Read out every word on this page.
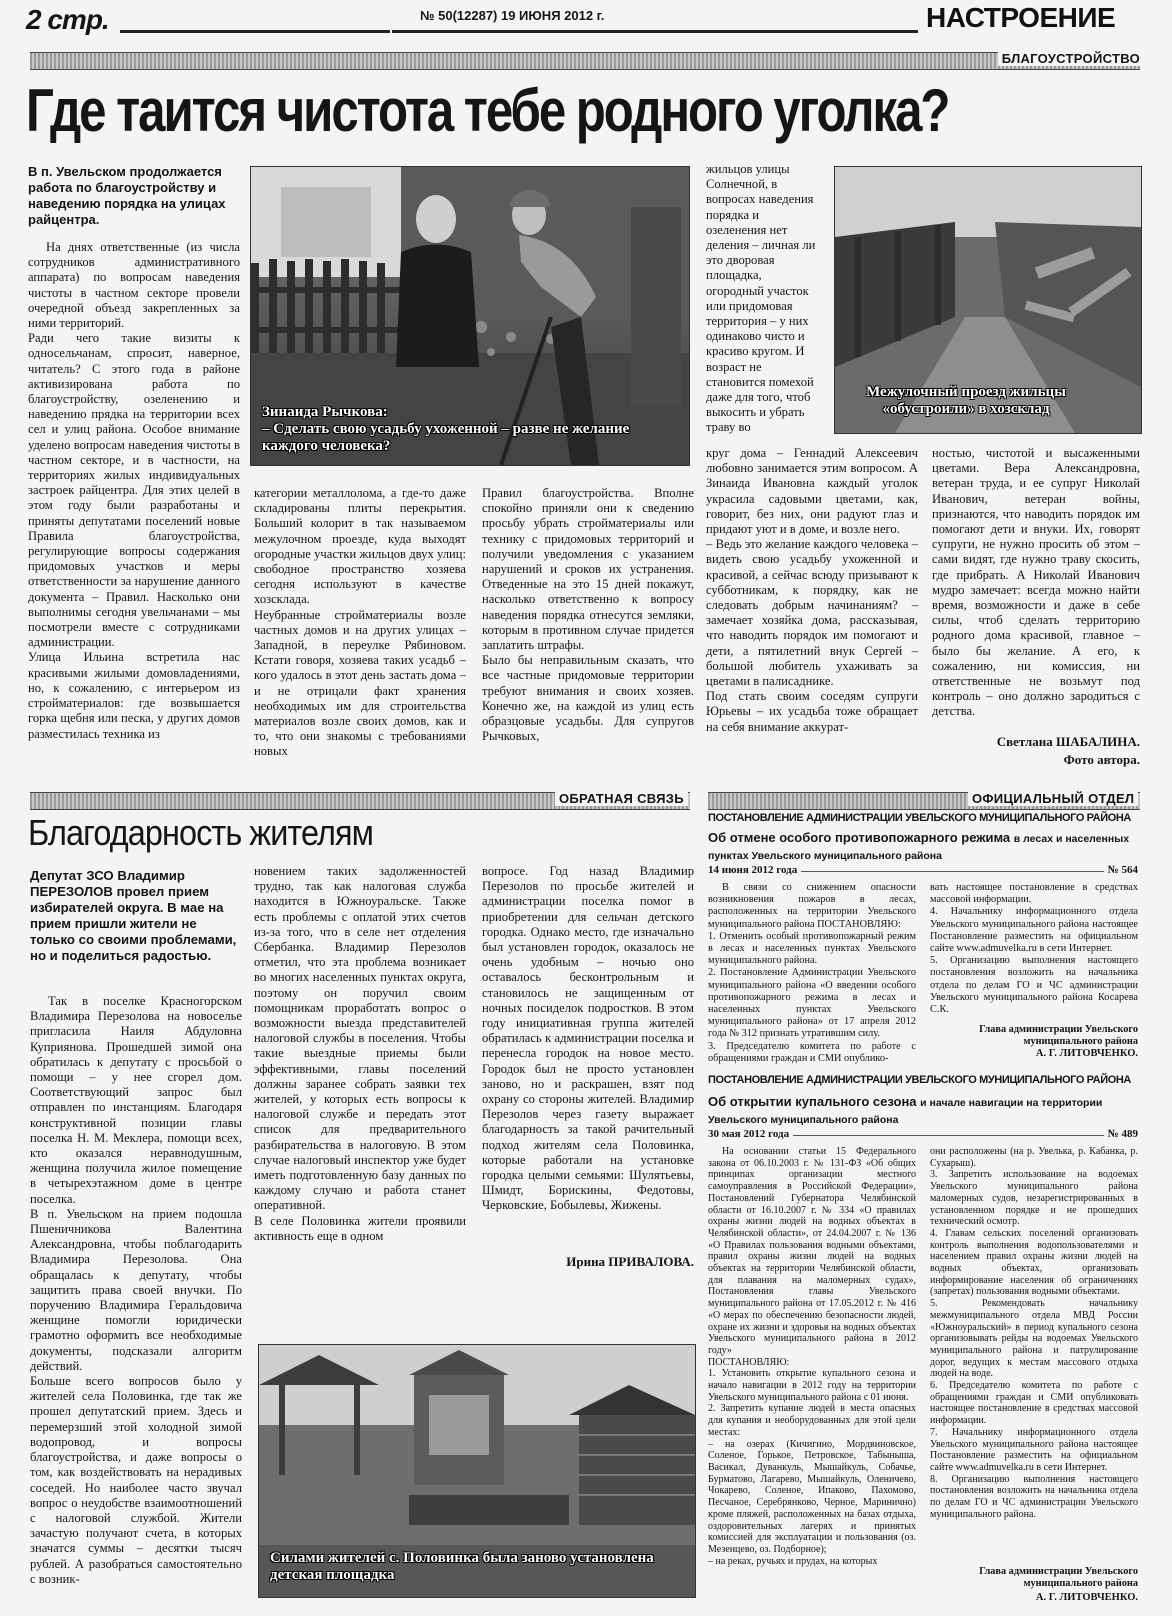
2 стр.	№ 50(12287) 19 ИЮНЯ 2012 г.	НАСТРОЕНИЕ
БЛАГОУСТРОЙСТВО
Где таится чистота тебе родного уголка?
В п. Увельском продолжается работа по благоустройству и наведению порядка на улицах райцентра.

На днях ответственные (из числа сотрудников административного аппарата) по вопросам наведения чистоты в частном секторе провели очередной объезд закрепленных за ними территорий.
Ради чего такие визиты к односельчанам, спросит, наверное, читатель? С этого года в районе активизирована работа по благоустройству, озеленению и наведению прядка на территории всех сел и улиц района. Особое внимание уделено вопросам наведения чистоты в частном секторе, и в частности, на территориях жилых индивидуальных застроек райцентра. Для этих целей в этом году были разработаны и приняты депутатами поселений новые Правила благоустройства, регулирующие вопросы содержания придомовых участков и меры ответственности за нарушение данного документа – Правил. Насколько они выполнимы сегодня увельчанами – мы посмотрели вместе с сотрудниками администрации.
Улица Ильина встретила нас красивыми жилыми домовладениями, но, к сожалению, с интерьером из стройматериалов: где возвышается горка щебня или песка, у других домов разместилась техника из

Зинаида Рычкова:
– Сделать свою усадьбу ухоженной – разве не желание каждого человека?

жильцов улицы Солнечной, в вопросах наведения порядка и озеленения нет деления – личная ли это дворовая площадка, огородный участок или придомовая территория – у них одинаково чисто и красиво кругом. И возраст не становится помехой даже для того, чтоб выкосить и убрать траву во

Межулочный проезд жильцы «обустроили» в хозсклад

категории металлолома, а где-то даже складированы плиты перекрытия. Больший колорит в так называемом межулочном проезде, куда выходят огородные участки жильцов двух улиц: свободное пространство хозяева сегодня используют в качестве хозсклада.
Неубранные стройматериалы возле частных домов и на других улицах – Западной, в переулке Рябиновом. Кстати говоря, хозяева таких усадьб – кого удалось в этот день застать дома – и не отрицали факт хранения необходимых им для строительства материалов возле своих домов, как и то, что они знакомы с требованиями новых

Правил благоустройства. Вполне спокойно приняли они к сведению просьбу убрать стройматериалы или технику с придомовых территорий и получили уведомления с указанием нарушений и сроков их устранения. Отведенные на это 15 дней покажут, насколько ответственно к вопросу наведения порядка отнесутся земляки, которым в противном случае придется заплатить штрафы.
Было бы неправильным сказать, что все частные придомовые территории требуют внимания и своих хозяев. Конечно же, на каждой из улиц есть образцовые усадьбы. Для супругов Рычковых,

круг дома – Геннадий Алексеевич любовно занимается этим вопросом. А Зинаида Ивановна каждый уголок украсила садовыми цветами, как, говорит, без них, они радуют глаз и придают уют и в доме, и возле него.
– Ведь это желание каждого человека – видеть свою усадьбу ухоженной и красивой, а сейчас всюду призывают к субботникам, к порядку, как не следовать добрым начинаниям? – замечает хозяйка дома, рассказывая, что наводить порядок им помогают и дети, а пятилетний внук Сергей – большой любитель ухаживать за цветами в палисаднике.
Под стать своим соседям супруги Юрьевы – их усадьба тоже обращает на себя внимание аккурат-

ностью, чистотой и высаженными цветами. Вера Александровна, ветеран труда, и ее супруг Николай Иванович, ветеран войны, признаются, что наводить порядок им помогают дети и внуки. Их, говорят супруги, не нужно просить об этом – сами видят, где нужно траву скосить, где прибрать. А Николай Иванович мудро замечает: всегда можно найти время, возможности и даже в себе силы, чтоб сделать территорию родного дома красивой, главное – было бы желание. А его, к сожалению, ни комиссия, ни ответственные не возьмут под контроль – оно должно зародиться с детства.

Светлана ШАБАЛИНА.
Фото автора.
ОБРАТНАЯ СВЯЗЬ
Благодарность жителям
Депутат ЗСО Владимир ПЕРЕЗОЛОВ провел прием избирателей округа. В мае на прием пришли жители не только со своими проблемами, но и поделиться радостью.

Так в поселке Красногорском Владимира Перезолова на новоселье пригласила Наиля Абдуловна Куприянова. Прошедшей зимой она обратилась к депутату с просьбой о помощи – у нее сгорел дом. Соответствующий запрос был отправлен по инстанциям. Благодаря конструктивной позиции главы поселка Н. М. Меклера, помощи всех, кто оказался неравнодушным, женщина получила жилое помещение в четырехэтажном доме в центре поселка.
В п. Увельском на прием подошла Пшеничникова Валентина Александровна, чтобы поблагодарить Владимира Перезолова. Она обращалась к депутату, чтобы защитить права своей внучки. По поручению Владимира Геральдовича женщине помогли юридически грамотно оформить все необходимые документы, подсказали алгоритм действий.
Больше всего вопросов было у жителей села Половинка, где так же прошел депутатский прием. Здесь и перемерзший этой холодной зимой водопровод, и вопросы благоустройства, и даже вопросы о том, как воздействовать на нерадивых соседей. Но наиболее часто звучал вопрос о неудобстве взаимоотношений с налоговой службой. Жители зачастую получают счета, в которых значатся суммы – десятки тысяч рублей. А разобраться самостоятельно с возник-

новением таких задолженностей трудно, так как налоговая служба находится в Южноуральске. Также есть проблемы с оплатой этих счетов из-за того, что в селе нет отделения Сбербанка. Владимир Перезолов отметил, что эта проблема возникает во многих населенных пунктах округа, поэтому он поручил своим помощникам проработать вопрос о возможности выезда представителей налоговой службы в поселения. Чтобы такие выездные приемы были эффективными, главы поселений должны заранее собрать заявки тех жителей, у которых есть вопросы к налоговой службе и передать этот список для предварительного разбирательства в налоговую. В этом случае налоговый инспектор уже будет иметь подготовленную базу данных по каждому случаю и работа станет оперативной.
В селе Половинка жители проявили активность еще в одном

вопросе. Год назад Владимир Перезолов по просьбе жителей и администрации поселка помог в приобретении для сельчан детского городка. Однако место, где изначально был установлен городок, оказалось не очень удобным – ночью оно оставалось бесконтрольным и становилось не защищенным от ночных посиделок подростков. В этом году инициативная группа жителей обратилась к администрации поселка и перенесла городок на новое место. Городок был не просто установлен заново, но и раскрашен, взят под охрану со стороны жителей. Владимир Перезолов через газету выражает благодарность за такой рачительный подход жителям села Половинка, которые работали на установке городка целыми семьями: Шулятьевы, Шмидт, Борискины, Федотовы, Черковские, Бобылевы, Жижены.

Ирина ПРИВАЛОВА.
Силами жителей с. Половинка была заново установлена детская площадка
ОФИЦИАЛЬНЫЙ ОТДЕЛ
ПОСТАНОВЛЕНИЕ АДМИНИСТРАЦИИ УВЕЛЬСКОГО МУНИЦИПАЛЬНОГО РАЙОНА
Об отмене особого противопожарного режима в лесах и населенных пунктах Увельского муниципального района
14 июня 2012 года	№ 564

В связи со снижением опасности возникновения пожаров в лесах, расположенных на территории Увельского муниципального района ПОСТАНОВЛЯЮ:
1. Отменить особый противопожарный режим в лесах и населенных пунктах Увельского муниципального района.
2. Постановление Администрации Увельского муниципального района «О введении особого противопожарного режима в лесах и населенных пунктах Увельского муниципального района» от 17 апреля 2012 года № 312 признать утратившим силу.
3. Председателю комитета по работе с обращениями граждан и СМИ опублико-

вать настоящее постановление в средствах массовой информации.
4. Начальнику информационного отдела Увельского муниципального района настоящее Постановление разместить на официальном сайте www.admuvelka.ru в сети Интернет.
5. Организацию выполнения настоящего постановления возложить на начальника отдела по делам ГО и ЧС администрации Увельского муниципального района Косарева С.К.

Глава администрации Увельского муниципального района
А. Г. ЛИТОВЧЕНКО.
ПОСТАНОВЛЕНИЕ АДМИНИСТРАЦИИ УВЕЛЬСКОГО МУНИЦИПАЛЬНОГО РАЙОНА
Об открытии купального сезона и начале навигации на территории Увельского муниципального района
30 мая 2012 года	№ 489

На основании статьи 15 Федерального закона от 06.10.2003 г. № 131-ФЗ «Об общих принципах организации местного самоуправления в Российской Федерации», Постановлений Губернатора Челябинской области от 16.10.2007 г. № 334 «О правилах охраны жизни людей на водных объектах в Челябинской области», от 24.04.2007 г. № 136 «О Правилах пользования водными объектами, правил охраны жизни людей на водных объектах на территории Челябинской области, для плавания на маломерных судах», Постановления главы Увельского муниципального района от 17.05.2012 г. № 416 «О мерах по обеспечению безопасности людей, охране их жизни и здоровья на водных объектах Увельского муниципального района в 2012 году»
ПОСТАНОВЛЯЮ:
1. Установить открытие купального сезона и начало навигации в 2012 году на территории Увельского муниципального района с 01 июня.
2. Запретить купание людей в места опасных для купания и необорудованных для этой цели местах:
– на озерах (Кичигино, Мордвиновское, Соленое, Горькое, Петровское, Табыныша, Васикал, Дуванкуль, Мышайкуль, Собачье, Бурматово, Лагарево, Мышайкуль, Оленичево, Чокарево, Соленое, Ипаково, Пахомово, Песчаное, Серебрянково, Черное, Маринично) кроме пляжей, расположенных на базах отдыха, оздоровительных лагерях и принятых комиссией для эксплуатации и пользования (оз. Мезенцево, оз. Подборное);
– на реках, ручьях и прудах, на которых

они расположены (на р. Увелька, р. Кабанка, р. Сухарыш).
3. Запретить использование на водоемах Увельского муниципального района маломерных судов, незарегистрированных в установленном порядке и не прошедших технический осмотр.
4. Главам сельских поселений организовать контроль выполнения водопользователями и населением правил охраны жизни людей на водных объектах, организовать информирование населения об ограничениях (запретах) пользования водными объектами.
5. Рекомендовать начальнику межмуниципального отдела МВД России «Южноуральский» в период купального сезона организовывать рейды на водоемах Увельского муниципального района и патрулирование дорог, ведущих к местам массового отдыха людей на воде.
6. Председателю комитета по работе с обращениями граждан и СМИ опубликовать настоящее постановление в средствах массовой информации.
7. Начальнику информационного отдела Увельского муниципального района настоящее Постановление разместить на официальном сайте www.admuvelka.ru в сети Интернет.
8. Организацию выполнения настоящего постановления возложить на начальника отдела по делам ГО и ЧС администрации Увельского муниципального района.

Глава администрации Увельского муниципального района
А. Г. ЛИТОВЧЕНКО.
